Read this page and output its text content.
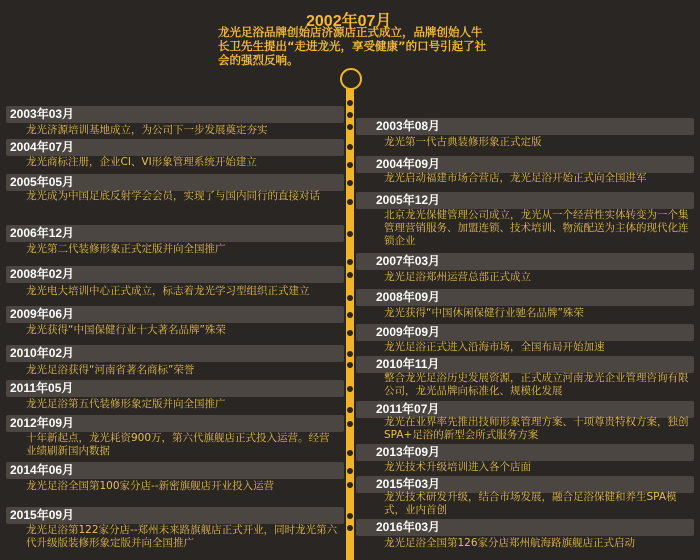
2002年07月
龙光足浴品牌创始店济源店正式成立，品牌创始人牛长卫先生提出“走进龙光，享受健康”的口号引起了社会的强烈反响。
2003年03月
龙光济源培训基地成立，为公司下一步发展奠定夯实
2004年07月
龙光商标注册，企业CI、VI形象管理系统开始建立
2005年05月
龙光成为中国足底反射学会会员，实现了与国内同行的直接对话
2006年12月
龙光第二代装修形象正式定版并向全国推广
2008年02月
龙光电大培训中心正式成立，标志着龙光学习型组织正式建立
2009年06月
龙光获得“中国保健行业十大著名品牌”殊荣
2010年02月
龙光足浴获得“河南省著名商标”荣誉
2011年05月
龙光足浴第五代装修形象定版并向全国推广
2012年09月
十年新起点，龙光耗资900万，第六代旗舰店正式投入运营。经营业绩刷新国内数据
2014年06月
龙光足浴全国第100家分店--新密旗舰店开业投入运营
2015年09月
龙光足浴第122家分店--郑州未来路旗舰店正式开业，同时龙光第六代升级版装修形象定版并向全国推广
2003年08月
龙光第一代古典装修形象正式定版
2004年09月
龙光启动福建市场合营店，龙光足浴开始正式向全国进军
2005年12月
北京龙光保健管理公司成立，龙光从一个经营性实体转变为一个集管理营销服务、加盟连锁、技术培训、物流配送为主体的现代化连锁企业
2007年03月
龙光足浴郑州运营总部正式成立
2008年09月
龙光获得“中国休闲保健行业驰名品牌”殊荣
2009年09月
龙光足浴正式进入沿海市场，全国布局开始加速
2010年11月
整合龙光足浴历史发展资源，正式成立河南龙光企业管理咨询有限公司，龙光品牌向标准化、规模化发展
2011年07月
龙光在业界率先推出技师形象管理方案、十项尊贵特权方案，独创SPA+足浴的新型会所式服务方案
2013年09月
龙光技术升级培训进入各个店面
2015年03月
龙光技术研发升级，结合市场发展，融合足浴保健和养生SPA模式，业内首创
2016年03月
龙光足浴全国第126家分店郑州航海路旗舰店正式启动
